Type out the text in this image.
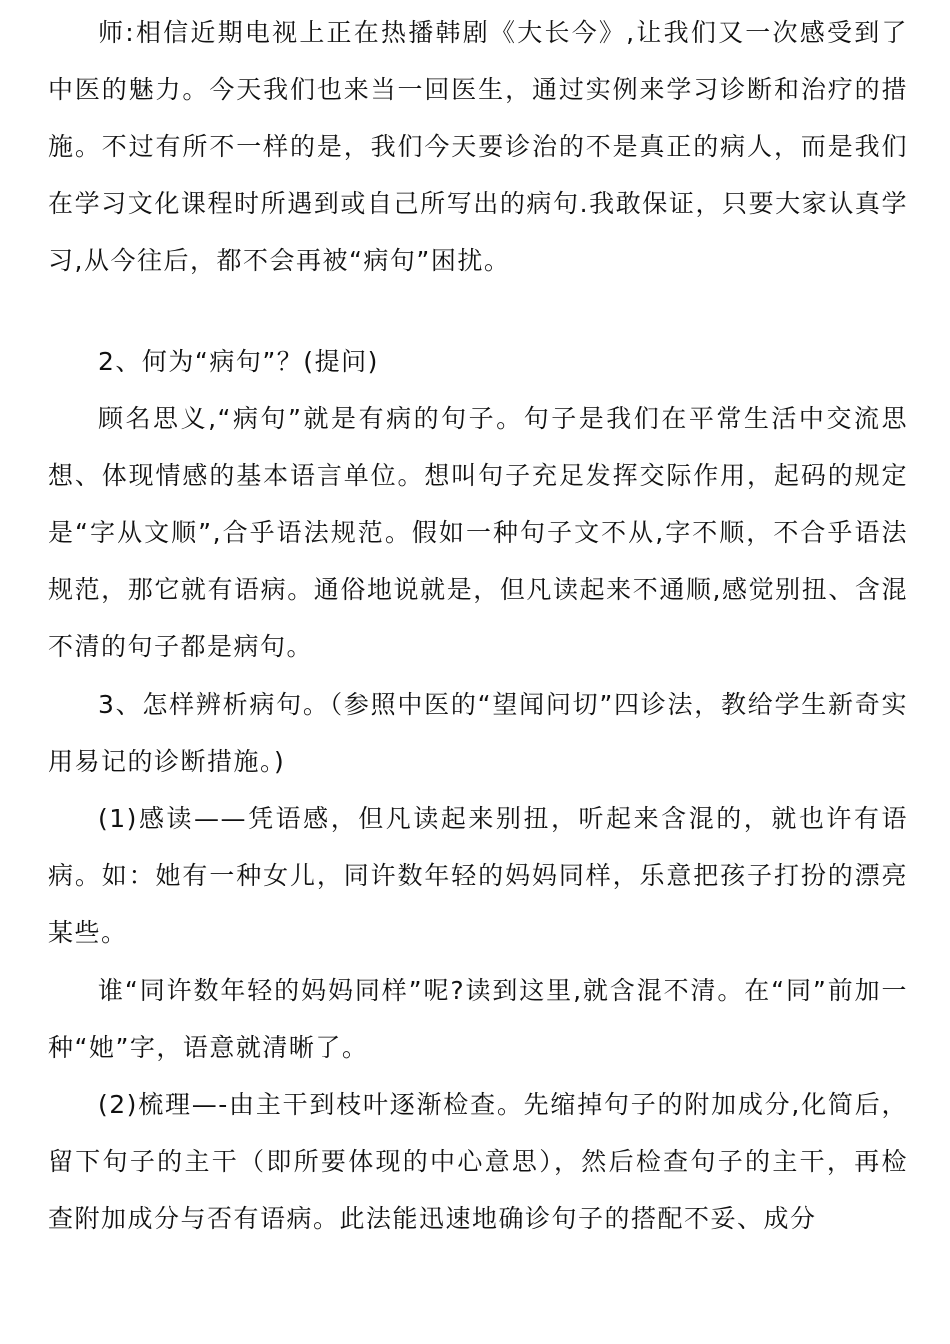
师:相信近期电视上正在热播韩剧《大长今》,让我们又一次感受到了中医的魅力。今天我们也来当一回医生，通过实例来学习诊断和治疗的措施。不过有所不一样的是，我们今天要诊治的不是真正的病人，而是我们在学习文化课程时所遇到或自己所写出的病句.我敢保证，只要大家认真学习,从今往后，都不会再被“病句”困扰。

2、何为“病句”？(提问)

顾名思义,“病句”就是有病的句子。句子是我们在平常生活中交流思想、体现情感的基本语言单位。想叫句子充足发挥交际作用，起码的规定是“字从文顺”,合乎语法规范。假如一种句子文不从,字不顺，不合乎语法规范，那它就有语病。通俗地说就是，但凡读起来不通顺,感觉别扭、含混不清的句子都是病句。

3、怎样辨析病句。（参照中医的“望闻问切”四诊法，教给学生新奇实用易记的诊断措施。)

(1)感读——凭语感，但凡读起来别扭，听起来含混的，就也许有语病。如：她有一种女儿，同许数年轻的妈妈同样，乐意把孩子打扮的漂亮某些。

谁“同许数年轻的妈妈同样”呢?读到这里,就含混不清。在“同”前加一种“她”字，语意就清晰了。

(2)梳理—-由主干到枝叶逐渐检查。先缩掉句子的附加成分,化简后，留下句子的主干（即所要体现的中心意思），然后检查句子的主干，再检查附加成分与否有语病。此法能迅速地确诊句子的搭配不妥、成分
